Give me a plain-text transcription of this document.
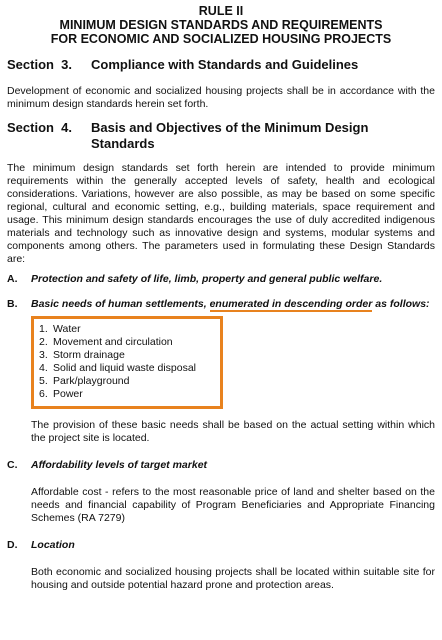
RULE II
MINIMUM DESIGN STANDARDS AND REQUIREMENTS
FOR ECONOMIC AND SOCIALIZED HOUSING PROJECTS
Section  3.	Compliance with Standards and Guidelines

Development of economic and socialized housing projects shall be in accordance with the minimum design standards herein set forth.

Section  4.	Basis and Objectives of the Minimum Design
Standards

The minimum design standards set forth herein are intended to provide minimum requirements within the generally accepted levels of safety, health and ecological considerations. Variations, however are also possible, as may be based on some specific regional, cultural and economic setting, e.g., building materials, space requirement and usage. This minimum design standards encourages the use of duly accredited indigenous materials and technology such as innovative design and systems, modular systems and components among others. The parameters used in formulating these Design Standards are:

A.	Protection and safety of life, limb, property and general public welfare.
B.	Basic needs of human settlements, enumerated in descending order as follows:
1. Water
2. Movement and circulation
3. Storm drainage
4. Solid and liquid waste disposal
5. Park/playground
6. Power

The provision of these basic needs shall be based on the actual setting within which the project site is located.

C.	Affordability levels of target market

Affordable cost - refers to the most reasonable price of land and shelter based on the needs and financial capability of Program Beneficiaries and Appropriate Financing Schemes (RA 7279)

D.	Location

Both economic and socialized housing projects shall be located within suitable site for housing and outside potential hazard prone and protection areas.
